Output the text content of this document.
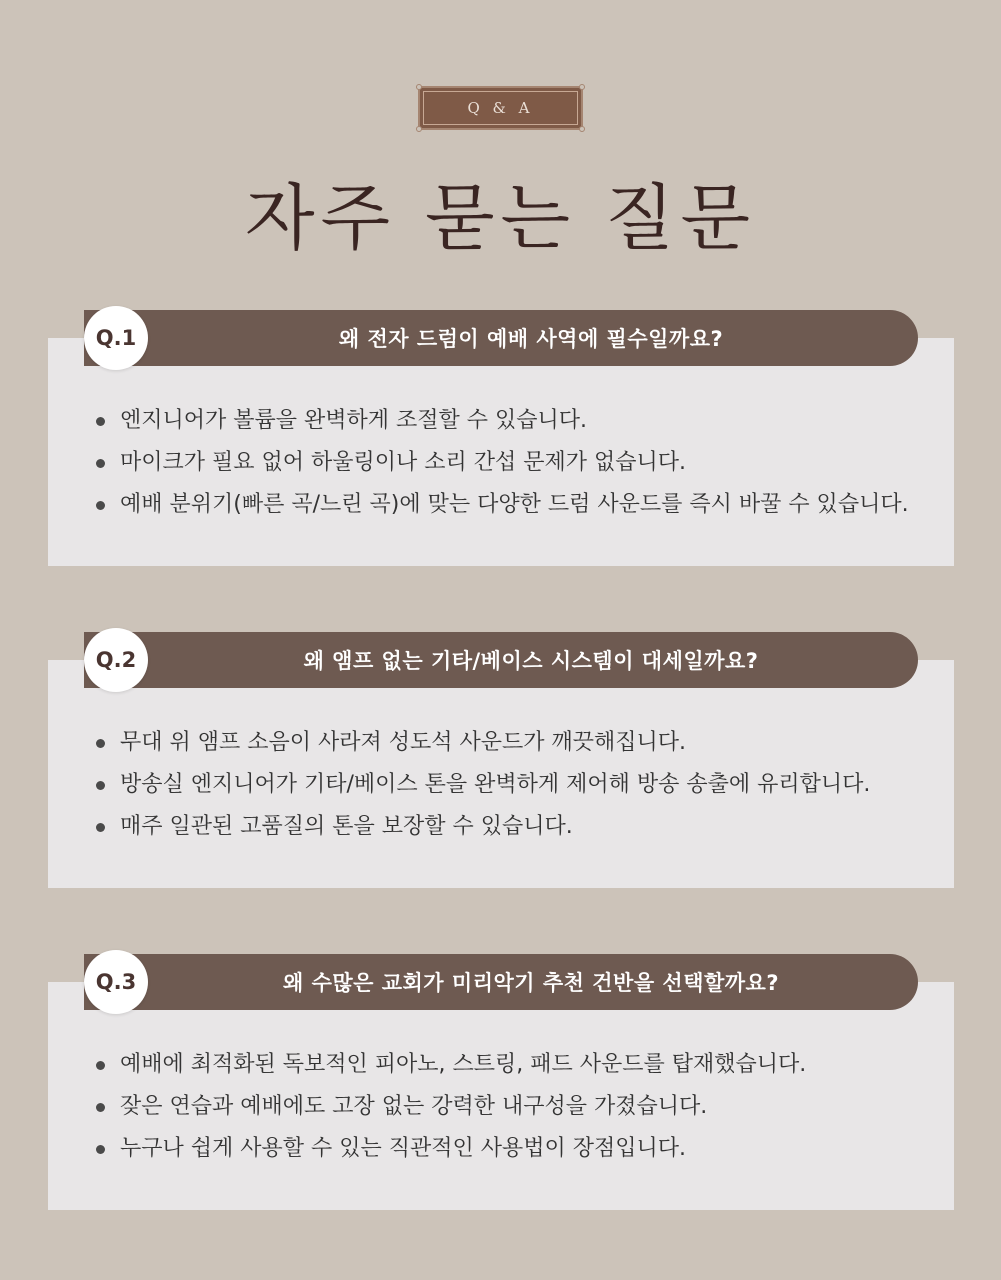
Q & A
자주 묻는 질문
왜 전자 드럼이 예배 사역에 필수일까요?
Q.1
엔지니어가 볼륨을 완벽하게 조절할 수 있습니다.
마이크가 필요 없어 하울링이나 소리 간섭 문제가 없습니다.
예배 분위기(빠른 곡/느린 곡)에 맞는 다양한 드럼 사운드를 즉시 바꿀 수 있습니다.
왜 앰프 없는 기타/베이스 시스템이 대세일까요?
Q.2
무대 위 앰프 소음이 사라져 성도석 사운드가 깨끗해집니다.
방송실 엔지니어가 기타/베이스 톤을 완벽하게 제어해 방송 송출에 유리합니다.
매주 일관된 고품질의 톤을 보장할 수 있습니다.
왜 수많은 교회가 미리악기 추천 건반을 선택할까요?
Q.3
예배에 최적화된 독보적인 피아노, 스트링, 패드 사운드를 탑재했습니다.
잦은 연습과 예배에도 고장 없는 강력한 내구성을 가졌습니다.
누구나 쉽게 사용할 수 있는 직관적인 사용법이 장점입니다.
